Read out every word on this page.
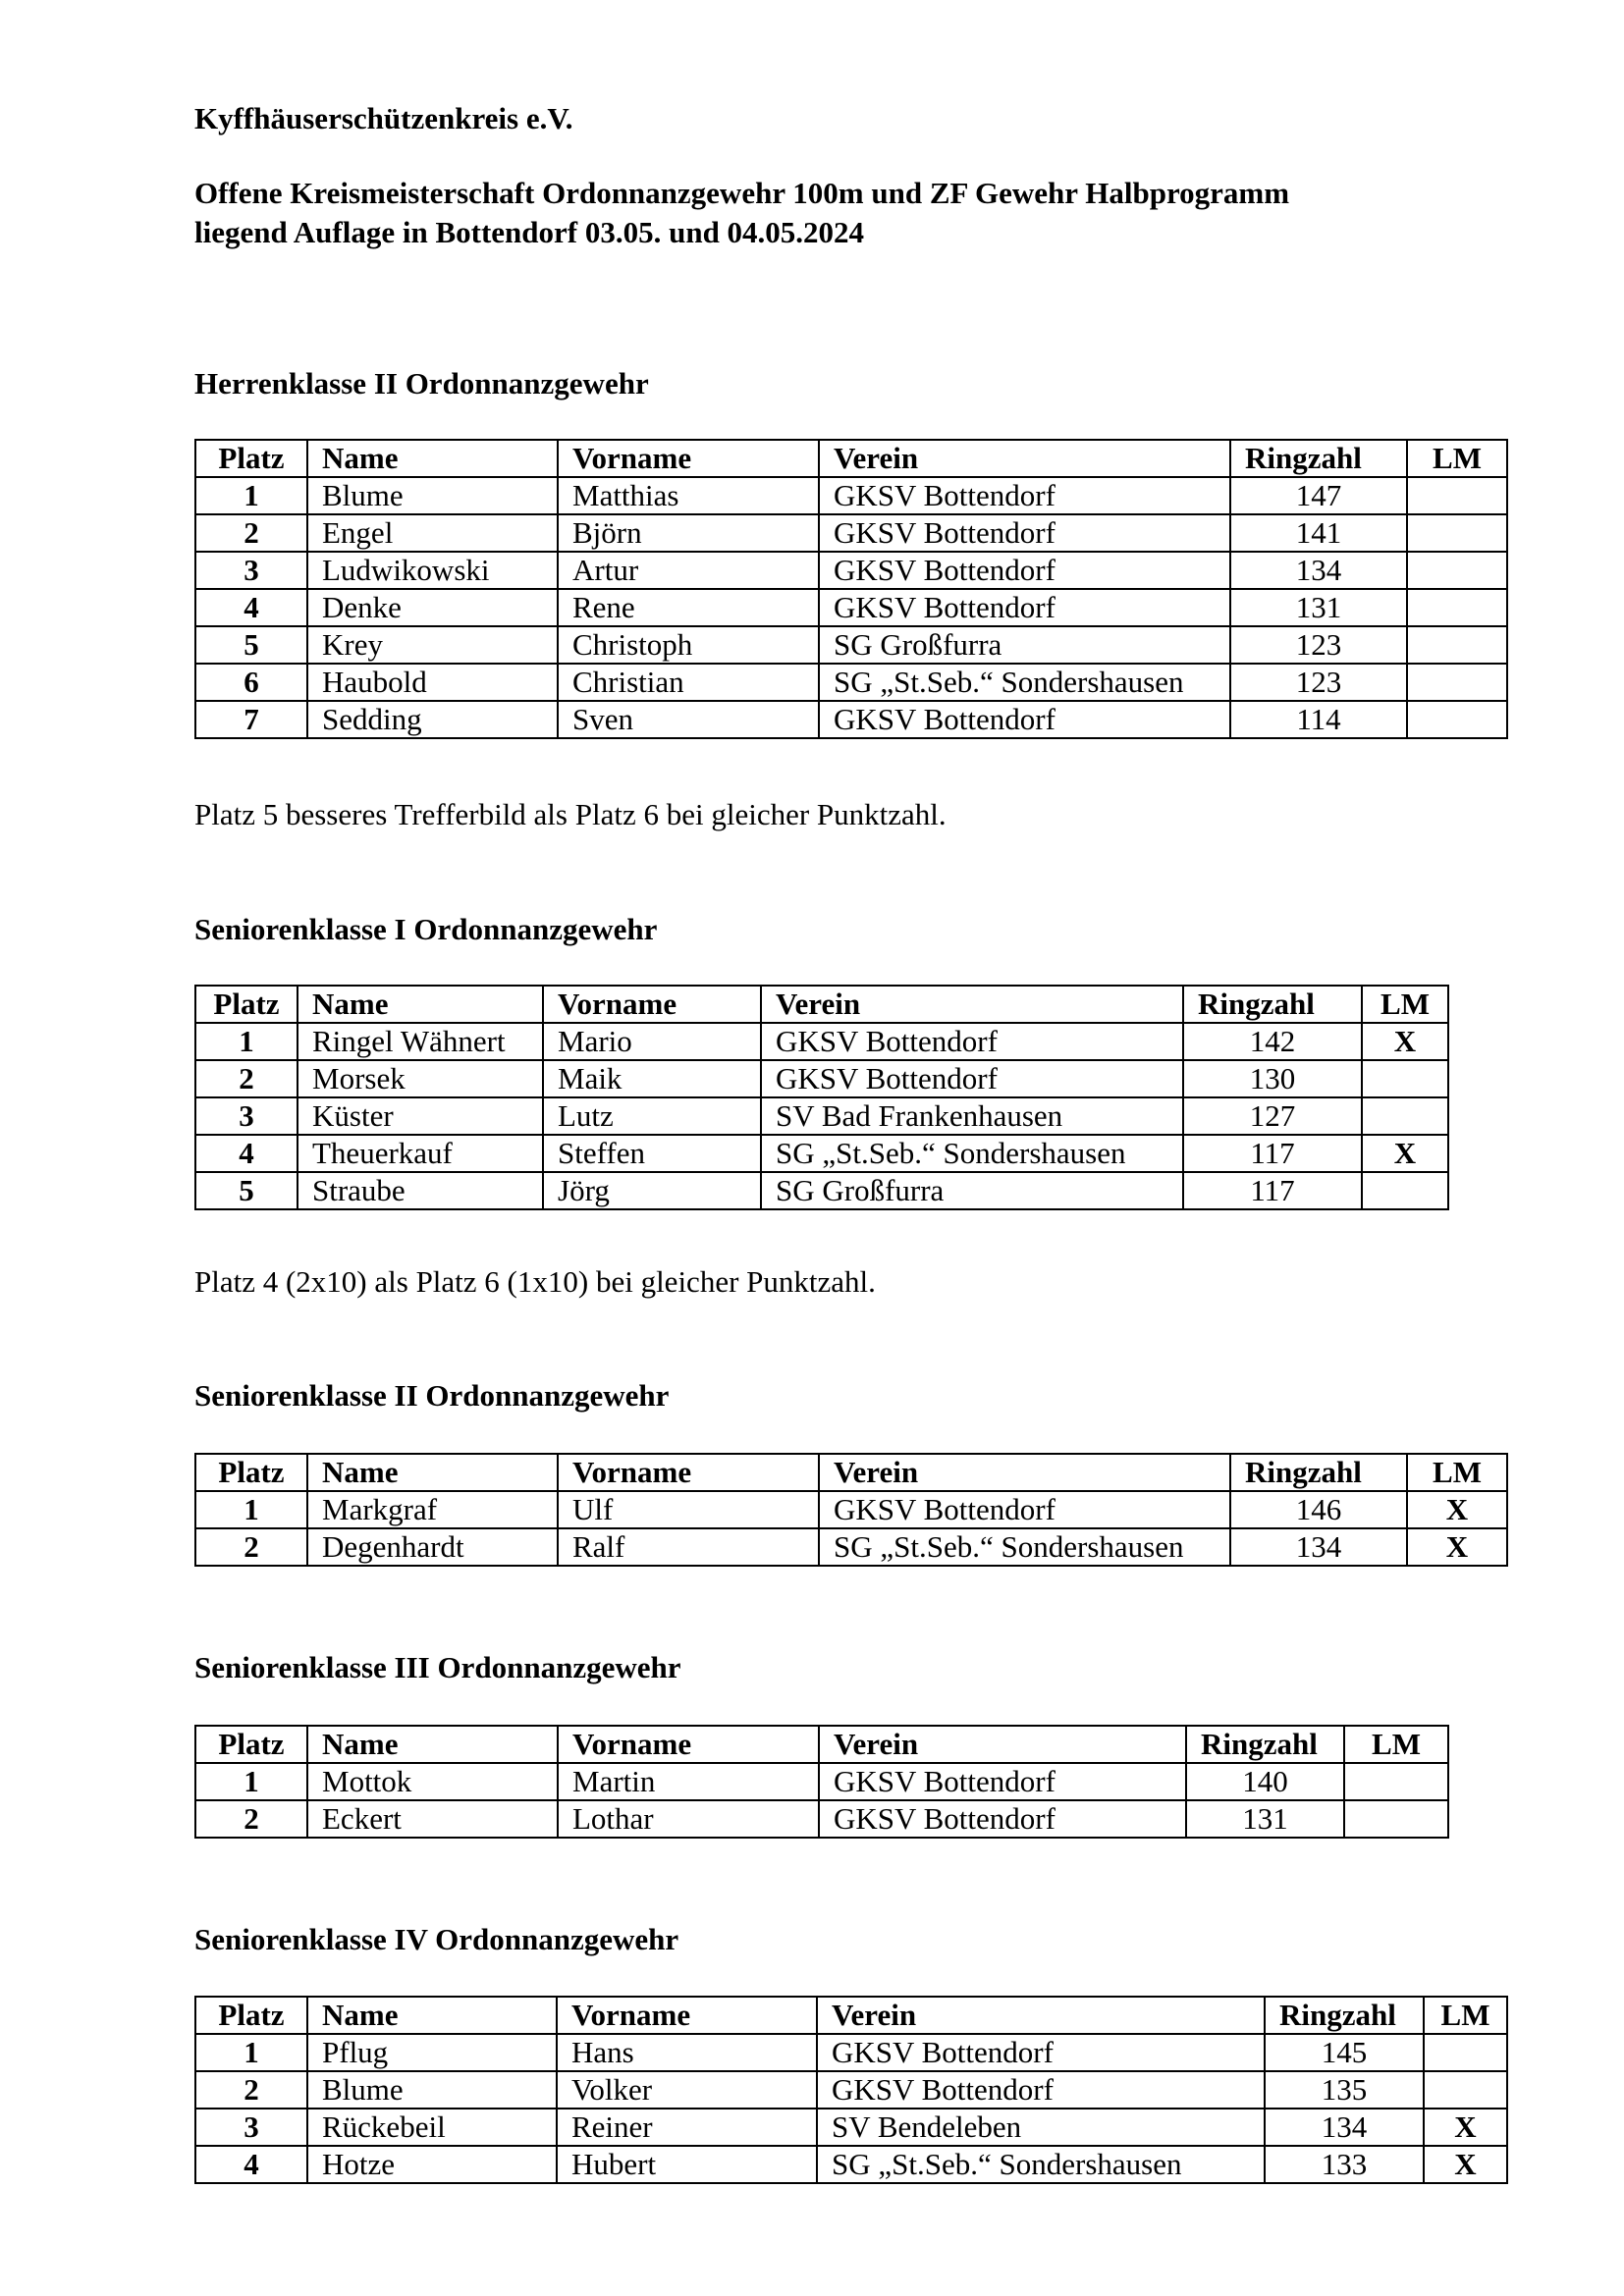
Kyffhäuserschützenkreis e.V.
Offene Kreismeisterschaft Ordonnanzgewehr 100m und ZF Gewehr Halbprogramm
liegend Auflage in Bottendorf 03.05. und 04.05.2024
Herrenklasse II Ordonnanzgewehr
Platz	Name	Vorname	Verein	Ringzahl	LM
1	Blume	Matthias	GKSV Bottendorf	147	
2	Engel	Björn	GKSV Bottendorf	141	
3	Ludwikowski	Artur	GKSV Bottendorf	134	
4	Denke	Rene	GKSV Bottendorf	131	
5	Krey	Christoph	SG Großfurra	123	
6	Haubold	Christian	SG „St.Seb.“ Sondershausen	123	
7	Sedding	Sven	GKSV Bottendorf	114	
Platz 5 besseres Trefferbild als Platz 6 bei gleicher Punktzahl.
Seniorenklasse I Ordonnanzgewehr
Platz	Name	Vorname	Verein	Ringzahl	LM
1	Ringel Wähnert	Mario	GKSV Bottendorf	142	X
2	Morsek	Maik	GKSV Bottendorf	130	
3	Küster	Lutz	SV Bad Frankenhausen	127	
4	Theuerkauf	Steffen	SG „St.Seb.“ Sondershausen	117	X
5	Straube	Jörg	SG Großfurra	117	
Platz 4 (2x10) als Platz 6 (1x10) bei gleicher Punktzahl.
Seniorenklasse II Ordonnanzgewehr
Platz	Name	Vorname	Verein	Ringzahl	LM
1	Markgraf	Ulf	GKSV Bottendorf	146	X
2	Degenhardt	Ralf	SG „St.Seb.“ Sondershausen	134	X
Seniorenklasse III Ordonnanzgewehr
Platz	Name	Vorname	Verein	Ringzahl	LM
1	Mottok	Martin	GKSV Bottendorf	140	
2	Eckert	Lothar	GKSV Bottendorf	131	
Seniorenklasse IV Ordonnanzgewehr
Platz	Name	Vorname	Verein	Ringzahl	LM
1	Pflug	Hans	GKSV Bottendorf	145	
2	Blume	Volker	GKSV Bottendorf	135	
3	Rückebeil	Reiner	SV Bendeleben	134	X
4	Hotze	Hubert	SG „St.Seb.“ Sondershausen	133	X
